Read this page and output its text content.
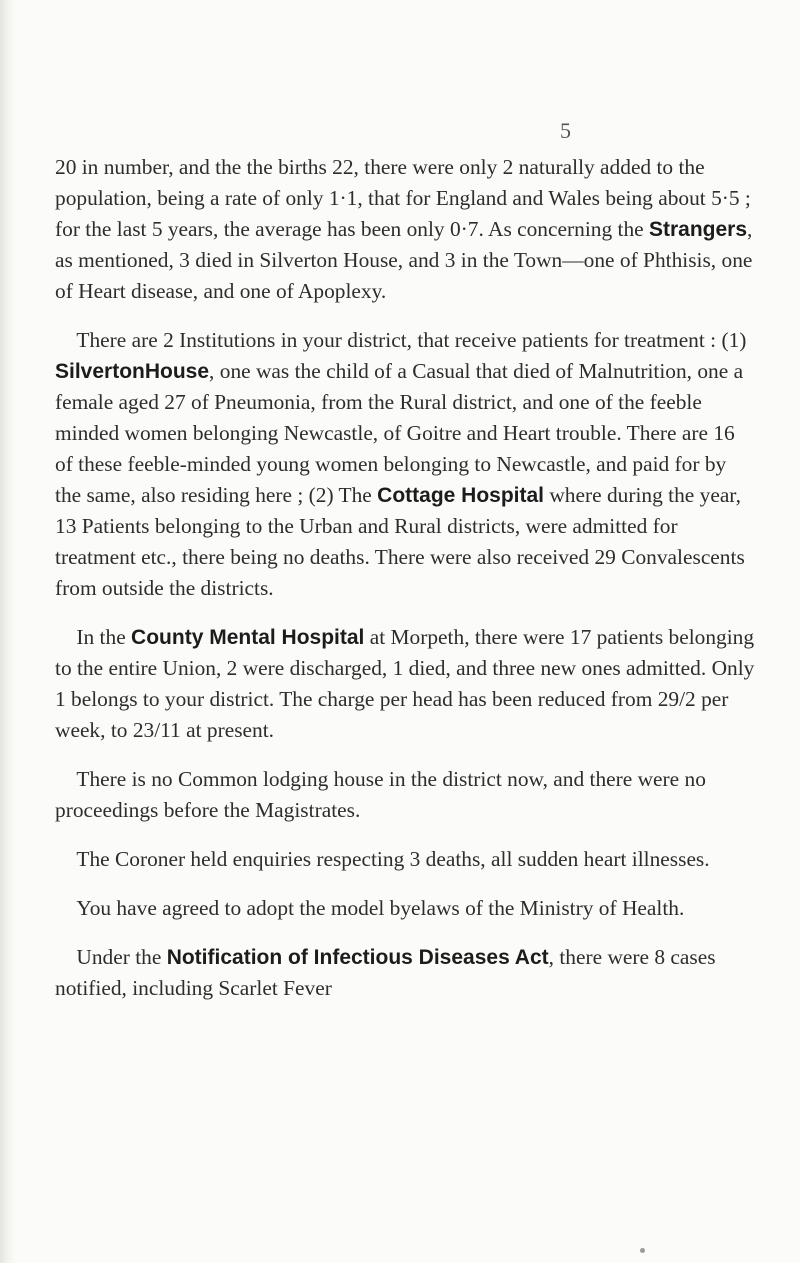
5

20 in number, and the the births 22, there were only 2 naturally added to the population, being a rate of only 1·1, that for England and Wales being about 5·5 ; for the last 5 years, the average has been only 0·7. As concerning the Strangers, as mentioned, 3 died in Silverton House, and 3 in the Town—one of Phthisis, one of Heart disease, and one of Apoplexy.

 There are 2 Institutions in your district, that receive patients for treatment : (1) SilvertonHouse, one was the child of a Casual that died of Malnutrition, one a female aged 27 of Pneumonia, from the Rural district, and one of the feeble minded women belonging Newcastle, of Goitre and Heart trouble. There are 16 of these feeble-minded young women belonging to Newcastle, and paid for by the same, also residing here ; (2) The Cottage Hospital where during the year, 13 Patients belonging to the Urban and Rural districts, were admitted for treatment etc., there being no deaths. There were also received 29 Convalescents from outside the districts.

 In the County Mental Hospital at Morpeth, there were 17 patients belonging to the entire Union, 2 were discharged, 1 died, and three new ones admitted. Only 1 belongs to your district. The charge per head has been reduced from 29/2 per week, to 23/11 at present.

 There is no Common lodging house in the district now, and there were no proceedings before the Magistrates.

 The Coroner held enquiries respecting 3 deaths, all sudden heart illnesses.

 You have agreed to adopt the model byelaws of the Ministry of Health.

 Under the Notification of Infectious Diseases Act, there were 8 cases notified, including Scarlet Fever
